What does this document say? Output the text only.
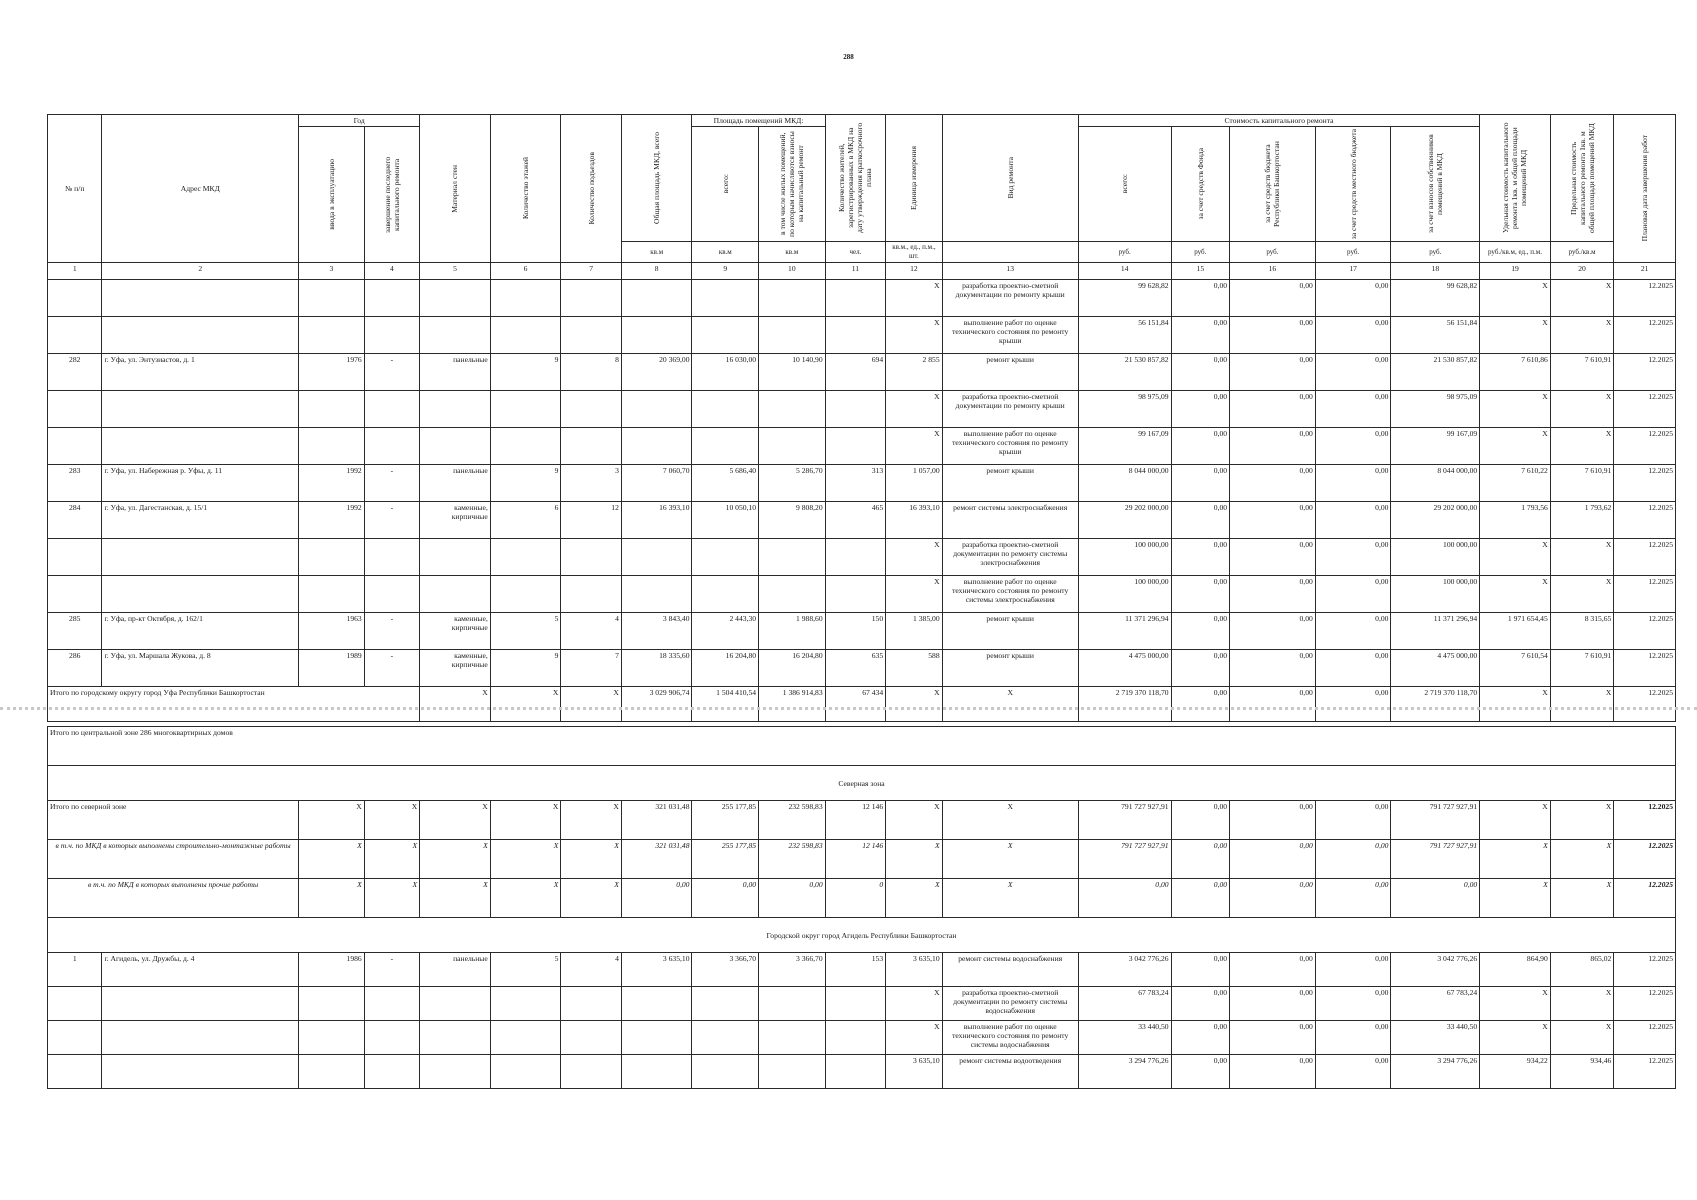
288
№ п/п	Адрес МКД	Год		Материал стен	Количество этажей	Количество подъездов	Общая площадь МКД, всего	Площадь помещений МКД:		Количество жителей, зарегистрированных в МКД на дату утверждения краткосрочного плана	Единица измерения	Вид ремонта	Стоимость капитального ремонта					Удельная стоимость капитального ремонта 1кв. м общей площади помещений МКД	Предельная стоимость капитального ремонта 1кв. м общей площади помещений МКД	Плановая дата завершения работ

		ввода в эксплуатацию	завершение последнего капитального ремонта					всего:	в том числе жилых помещений, по которым начисляются взносы на капитальный ремонт				всего:	за счет средств Фонда	за счет средств бюджета Республики Башкортостан	за счет средств местного бюджета	за счет взносов собственников помещений в МКД			

							кв.м	кв.м	кв.м	чел.	кв.м., ед., п.м., шт.		руб.	руб.	руб.	руб.	руб.	руб./кв.м, ед., п.м.	руб./кв.м	
1	2	3	4	5	6	7	8	9	10	11	12	13	14	15	16	17	18	19	20	21
											X	разработка проектно-сметной документации по ремонту крыши	99 628,82	0,00	0,00	0,00	99 628,82	X	X	12.2025
											X	выполнение работ по оценке технического состояния по ремонту крыши	56 151,84	0,00	0,00	0,00	56 151,84	X	X	12.2025
282	г. Уфа, ул. Энтузиастов, д. 1	1976	-	панельные	9	8	20 369,00	16 030,00	10 140,90	694	2 855	ремонт крыши	21 530 857,82	0,00	0,00	0,00	21 530 857,82	7 610,86	7 610,91	12.2025
											X	разработка проектно-сметной документации по ремонту крыши	98 975,09	0,00	0,00	0,00	98 975,09	X	X	12.2025
											X	выполнение работ по оценке технического состояния по ремонту крыши	99 167,09	0,00	0,00	0,00	99 167,09	X	X	12.2025
283	г. Уфа, ул. Набережная р. Уфы, д. 11	1992	-	панельные	9	3	7 060,70	5 686,40	5 286,70	313	1 057,00	ремонт крыши	8 044 000,00	0,00	0,00	0,00	8 044 000,00	7 610,22	7 610,91	12.2025
284	г. Уфа, ул. Дагестанская, д. 15/1	1992	-	каменные, кирпичные	6	12	16 393,10	10 050,10	9 808,20	465	16 393,10	ремонт системы электроснабжения	29 202 000,00	0,00	0,00	0,00	29 202 000,00	1 793,56	1 793,62	12.2025
											X	разработка проектно-сметной документации по ремонту системы электроснабжения	100 000,00	0,00	0,00	0,00	100 000,00	X	X	12.2025
											X	выполнение работ по оценке технического состояния по ремонту системы электроснабжения	100 000,00	0,00	0,00	0,00	100 000,00	X	X	12.2025
285	г. Уфа, пр-кт Октября, д. 162/1	1963	-	каменные, кирпичные	5	4	3 843,40	2 443,30	1 988,60	150	1 385,00	ремонт крыши	11 371 296,94	0,00	0,00	0,00	11 371 296,94	1 971 654,45	8 315,65	12.2025
286	г. Уфа, ул. Маршала Жукова, д. 8	1989	-	каменные, кирпичные	9	7	18 335,60	16 204,80	16 204,80	635	588	ремонт крыши	4 475 000,00	0,00	0,00	0,00	4 475 000,00	7 610,54	7 610,91	12.2025
Итого по городскому округу город Уфа Республики Башкортостан				X	X	X	3 029 906,74	1 504 410,54	1 386 914,83	67 434	X	X	2 719 370 118,70	0,00	0,00	0,00	2 719 370 118,70	X	X	12.2025

Итого по центральной зоне 286 многоквартирных домов																				
Северная зона																				
Итого по северной зоне		X	X	X	X	X	321 031,48	255 177,85	232 598,83	12 146	X	X	791 727 927,91	0,00	0,00	0,00	791 727 927,91	X	X	12.2025
в т.ч. по МКД в которых выполнены строительно-монтажные работы		X	X	X	X	X	321 031,48	255 177,85	232 598,83	12 146	X	X	791 727 927,91	0,00	0,00	0,00	791 727 927,91	X	X	12.2025
в т.ч. по МКД в которых выполнены прочие работы		X	X	X	X	X	0,00	0,00	0,00	0	X	X	0,00	0,00	0,00	0,00	0,00	X	X	12.2025
Городской округ город Агидель Республики Башкортостан																				
1	г. Агидель, ул. Дружбы, д. 4	1986	-	панельные	5	4	3 635,10	3 366,70	3 366,70	153	3 635,10	ремонт системы водоснабжения	3 042 776,26	0,00	0,00	0,00	3 042 776,26	864,90	865,02	12.2025
											X	разработка проектно-сметной документации по ремонту системы водоснабжения	67 783,24	0,00	0,00	0,00	67 783,24	X	X	12.2025
											X	выполнение работ по оценке технического состояния по ремонту системы водоснабжения	33 440,50	0,00	0,00	0,00	33 440,50	X	X	12.2025
											3 635,10	ремонт системы водоотведения	3 294 776,26	0,00	0,00	0,00	3 294 776,26	934,22	934,46	12.2025
